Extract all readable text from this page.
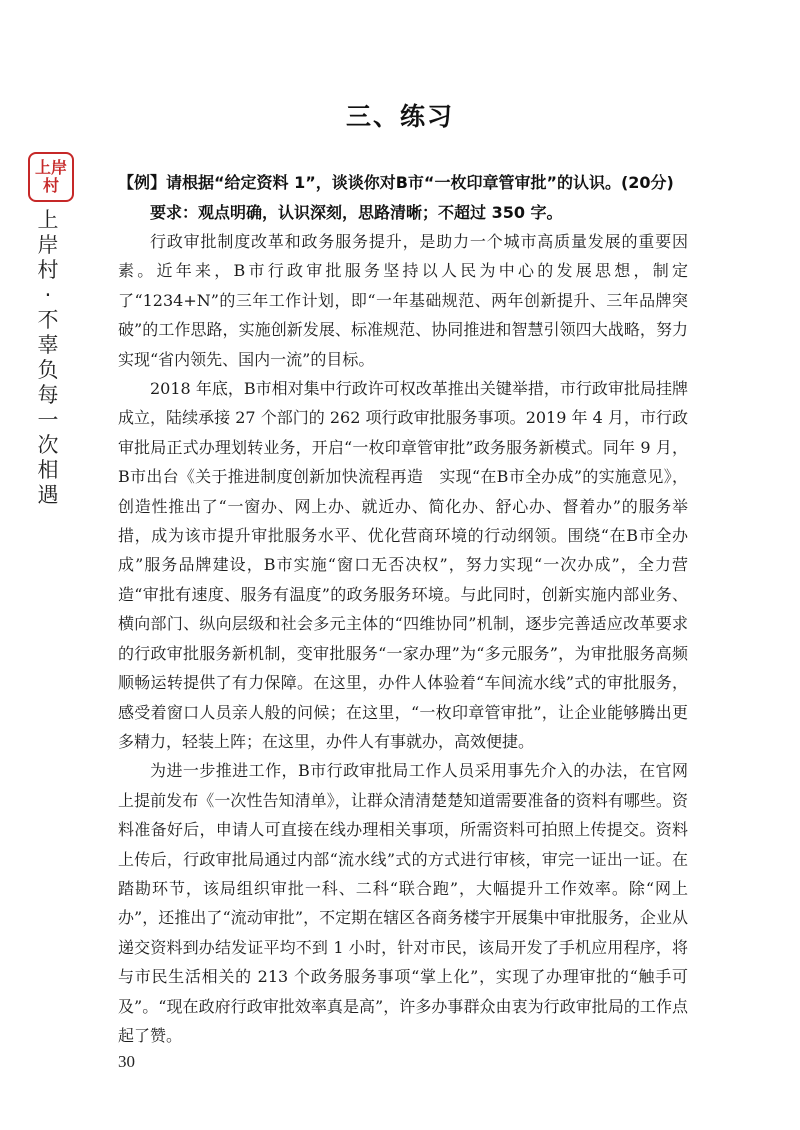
上岸
村
上岸村·不辜负每一次相遇
三、练习
【例】请根据“给定资料 1”，谈谈你对B市“一枚印章管审批”的认识。(20分)
要求：观点明确，认识深刻，思路清晰；不超过 350 字。

行政审批制度改革和政务服务提升，是助力一个城市高质量发展的重要因素。近年来，B市行政审批服务坚持以人民为中心的发展思想，制定了“1234+N”的三年工作计划，即“一年基础规范、两年创新提升、三年品牌突破”的工作思路，实施创新发展、标准规范、协同推进和智慧引领四大战略，努力实现“省内领先、国内一流”的目标。

2018 年底，B市相对集中行政许可权改革推出关键举措，市行政审批局挂牌成立，陆续承接 27 个部门的 262 项行政审批服务事项。2019 年 4 月，市行政审批局正式办理划转业务，开启“一枚印章管审批”政务服务新模式。同年 9 月，B市出台《关于推进制度创新加快流程再造　实现“在B市全办成”的实施意见》，创造性推出了“一窗办、网上办、就近办、简化办、舒心办、督着办”的服务举措，成为该市提升审批服务水平、优化营商环境的行动纲领。围绕“在B市全办成”服务品牌建设，B市实施“窗口无否决权”，努力实现“一次办成”，全力营造“审批有速度、服务有温度”的政务服务环境。与此同时，创新实施内部业务、横向部门、纵向层级和社会多元主体的“四维协同”机制，逐步完善适应改革要求的行政审批服务新机制，变审批服务“一家办理”为“多元服务”，为审批服务高频顺畅运转提供了有力保障。在这里，办件人体验着“车间流水线”式的审批服务，感受着窗口人员亲人般的问候；在这里，“一枚印章管审批”，让企业能够腾出更多精力，轻装上阵；在这里，办件人有事就办，高效便捷。

为进一步推进工作，B市行政审批局工作人员采用事先介入的办法，在官网上提前发布《一次性告知清单》，让群众清清楚楚知道需要准备的资料有哪些。资料准备好后，申请人可直接在线办理相关事项，所需资料可拍照上传提交。资料上传后，行政审批局通过内部“流水线”式的方式进行审核，审完一证出一证。在踏勘环节，该局组织审批一科、二科“联合跑”，大幅提升工作效率。除“网上办”，还推出了“流动审批”，不定期在辖区各商务楼宇开展集中审批服务，企业从递交资料到办结发证平均不到 1 小时，针对市民，该局开发了手机应用程序，将与市民生活相关的 213 个政务服务事项“掌上化”，实现了办理审批的“触手可及”。“现在政府行政审批效率真是高”，许多办事群众由衷为行政审批局的工作点起了赞。

30
